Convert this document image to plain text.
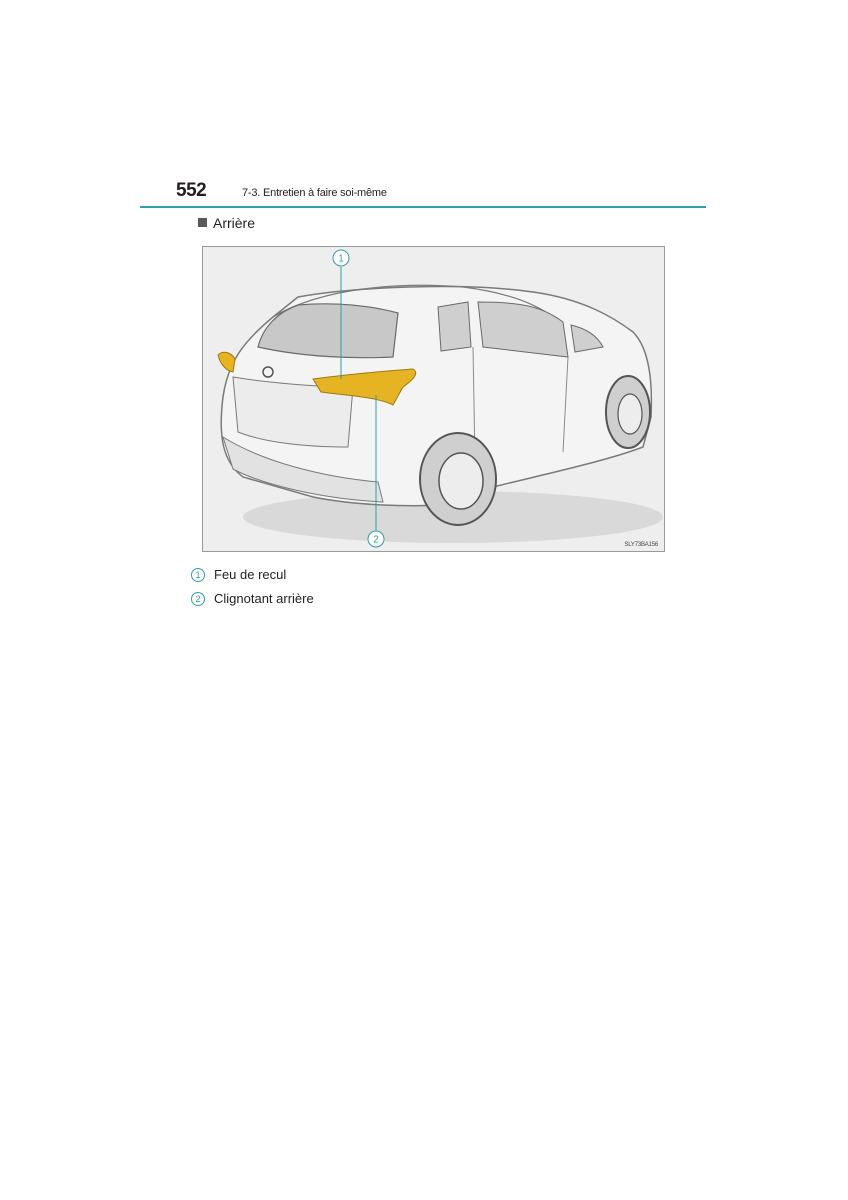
552	7-3. Entretien à faire soi-même
Arrière
1
2	SLY73BA156
1	Feu de recul
2	Clignotant arrière
